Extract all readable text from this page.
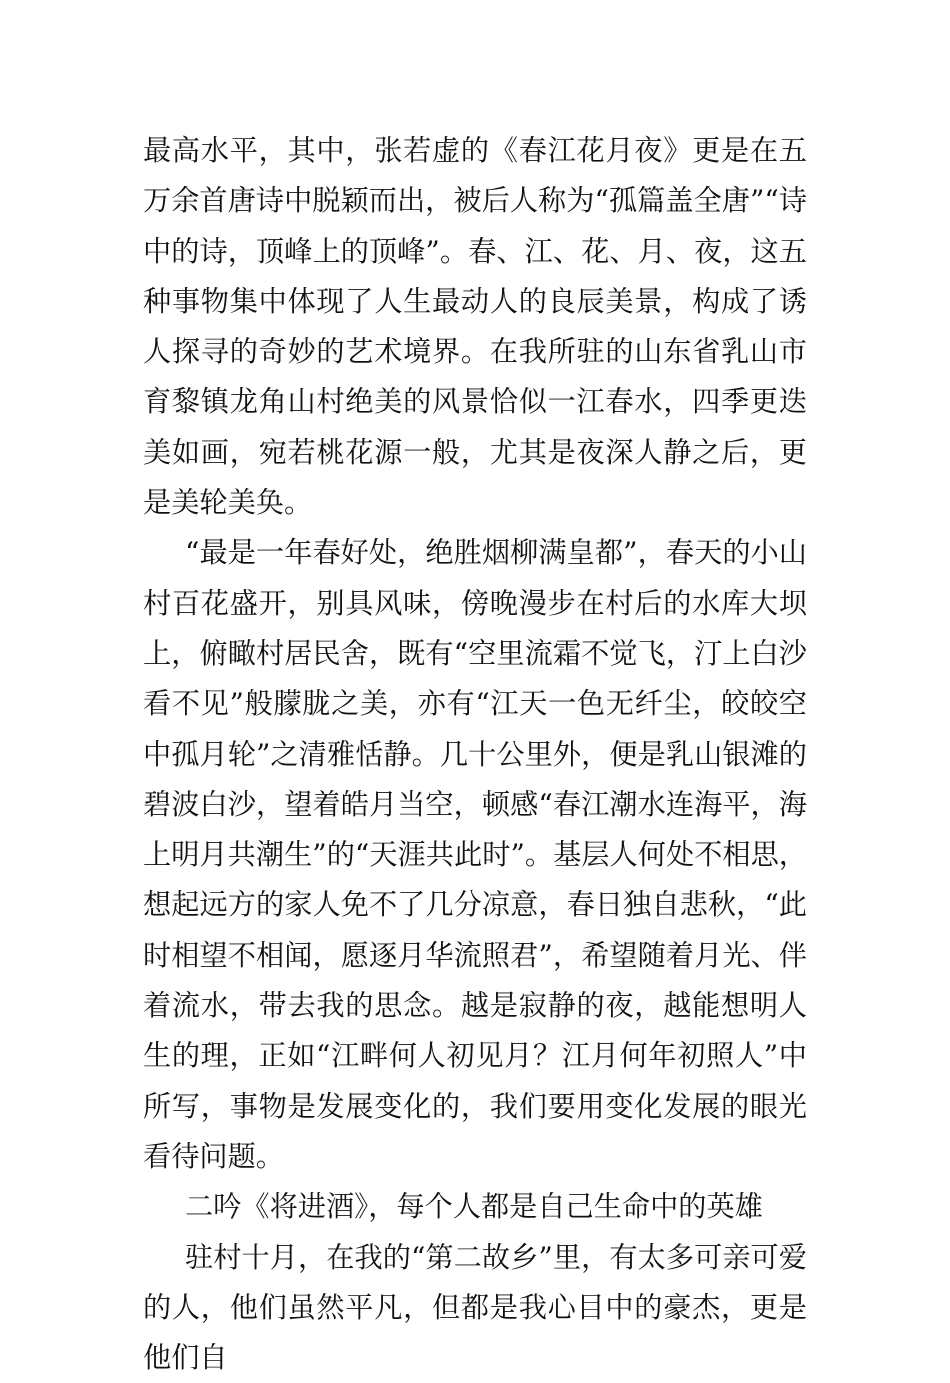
最高水平，其中，张若虚的《春江花月夜》更是在五万余首唐诗中脱颖而出，被后人称为“孤篇盖全唐”“诗中的诗，顶峰上的顶峰”。春、江、花、月、夜，这五种事物集中体现了人生最动人的良辰美景，构成了诱人探寻的奇妙的艺术境界。在我所驻的山东省乳山市育黎镇龙角山村绝美的风景恰似一江春水，四季更迭美如画，宛若桃花源一般，尤其是夜深人静之后，更是美轮美奂。

“最是一年春好处，绝胜烟柳满皇都”，春天的小山村百花盛开，别具风味，傍晚漫步在村后的水库大坝上，俯瞰村居民舍，既有“空里流霜不觉飞，汀上白沙看不见”般朦胧之美，亦有“江天一色无纤尘，皎皎空中孤月轮”之清雅恬静。几十公里外，便是乳山银滩的碧波白沙，望着皓月当空，顿感“春江潮水连海平，海上明月共潮生”的“天涯共此时”。基层人何处不相思，想起远方的家人免不了几分凉意，春日独自悲秋，“此时相望不相闻，愿逐月华流照君”，希望随着月光、伴着流水，带去我的思念。越是寂静的夜，越能想明人生的理，正如“江畔何人初见月？江月何年初照人”中所写，事物是发展变化的，我们要用变化发展的眼光看待问题。

二吟《将进酒》，每个人都是自己生命中的英雄

驻村十月，在我的“第二故乡”里，有太多可亲可爱的人，他们虽然平凡，但都是我心目中的豪杰，更是他们自
